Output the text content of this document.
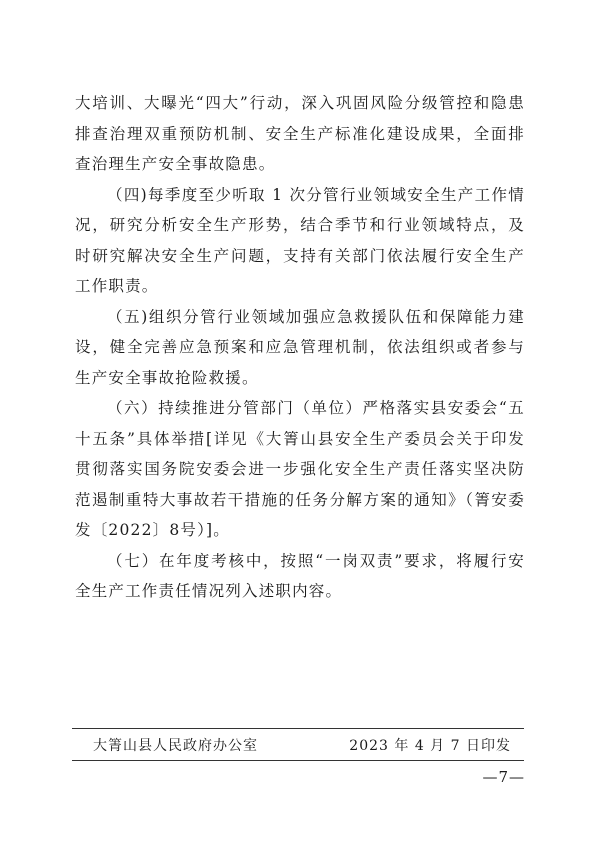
大培训、大曝光“四大”行动，深入巩固风险分级管控和隐患排查治理双重预防机制、安全生产标准化建设成果，全面排查治理生产安全事故隐患。

（四)每季度至少听取 1 次分管行业领域安全生产工作情况，研究分析安全生产形势，结合季节和行业领域特点，及时研究解决安全生产问题，支持有关部门依法履行安全生产工作职责。

（五)组织分管行业领域加强应急救援队伍和保障能力建设，健全完善应急预案和应急管理机制，依法组织或者参与生产安全事故抢险救援。

（六）持续推进分管部门（单位）严格落实县安委会“五十五条”具体举措[详见《大箐山县安全生产委员会关于印发贯彻落实国务院安委会进一步强化安全生产责任落实坚决防范遏制重特大事故若干措施的任务分解方案的通知》（箐安委发〔2022〕8号）]。

（七）在年度考核中，按照“一岗双责”要求，将履行安全生产工作责任情况列入述职内容。

大箐山县人民政府办公室	2023 年 4 月 7 日印发
—7—
